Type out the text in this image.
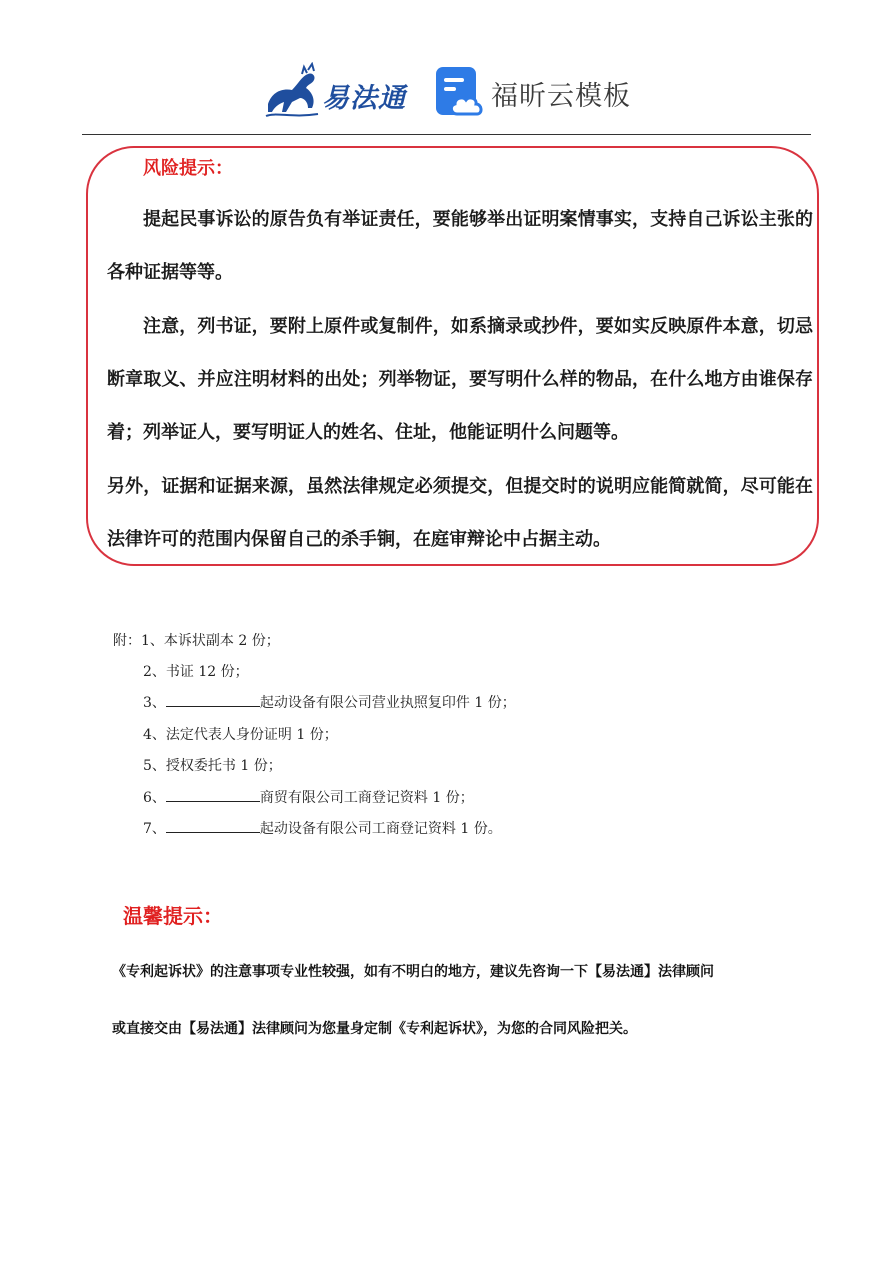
易法通	福昕云模板
风险提示：
提起民事诉讼的原告负有举证责任，要能够举出证明案情事实，支持自己诉讼主张的各种证据等等。
注意，列书证，要附上原件或复制件，如系摘录或抄件，要如实反映原件本意，切忌断章取义、并应注明材料的出处；列举物证，要写明什么样的物品，在什么地方由谁保存着；列举证人，要写明证人的姓名、住址，他能证明什么问题等。
另外，证据和证据来源，虽然法律规定必须提交，但提交时的说明应能简就简，尽可能在法律许可的范围内保留自己的杀手锏，在庭审辩论中占据主动。
附：1、本诉状副本 2 份；
2、书证 12 份；
3、	起动设备有限公司营业执照复印件 1 份；
4、法定代表人身份证明 1 份；
5、授权委托书 1 份；
6、	商贸有限公司工商登记资料 1 份；
7、	起动设备有限公司工商登记资料 1 份。
温馨提示：
《专利起诉状》的注意事项专业性较强，如有不明白的地方，建议先咨询一下【易法通】法律顾问
或直接交由【易法通】法律顾问为您量身定制《专利起诉状》，为您的合同风险把关。
